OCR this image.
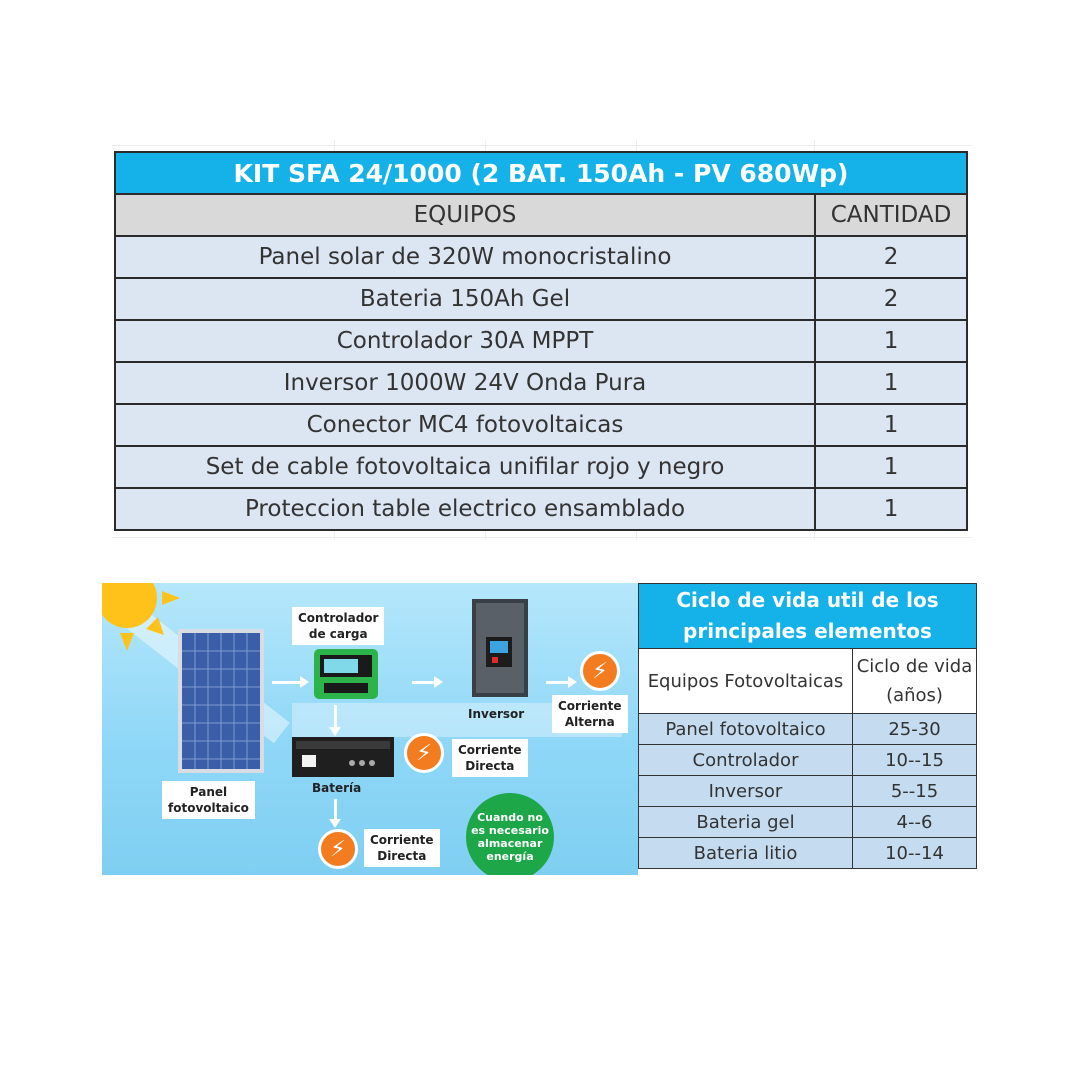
KIT SFA 24/1000 (2 BAT. 150Ah - PV 680Wp)	
EQUIPOS	CANTIDAD
Panel solar de 320W monocristalino	2
Bateria 150Ah Gel	2
Controlador 30A MPPT	1
Inversor 1000W 24V Onda Pura	1
Conector MC4 fotovoltaicas	1
Set de cable fotovoltaica unifilar rojo y negro	1
Proteccion table electrico ensamblado	1
Panel
fotovoltaico
Controlador
de carga
Inversor
⚡
Corriente
Alterna
Batería
⚡	Corriente
Directa
⚡	Corriente
Directa
Cuando no
es necesario
almacenar
energía
Ciclo de vida util de los principales elementos	
Equipos Fotovoltaicas	Ciclo de vida (años)
Panel fotovoltaico	25-30
Controlador	10--15
Inversor	5--15
Bateria gel	4--6
Bateria litio	10--14
